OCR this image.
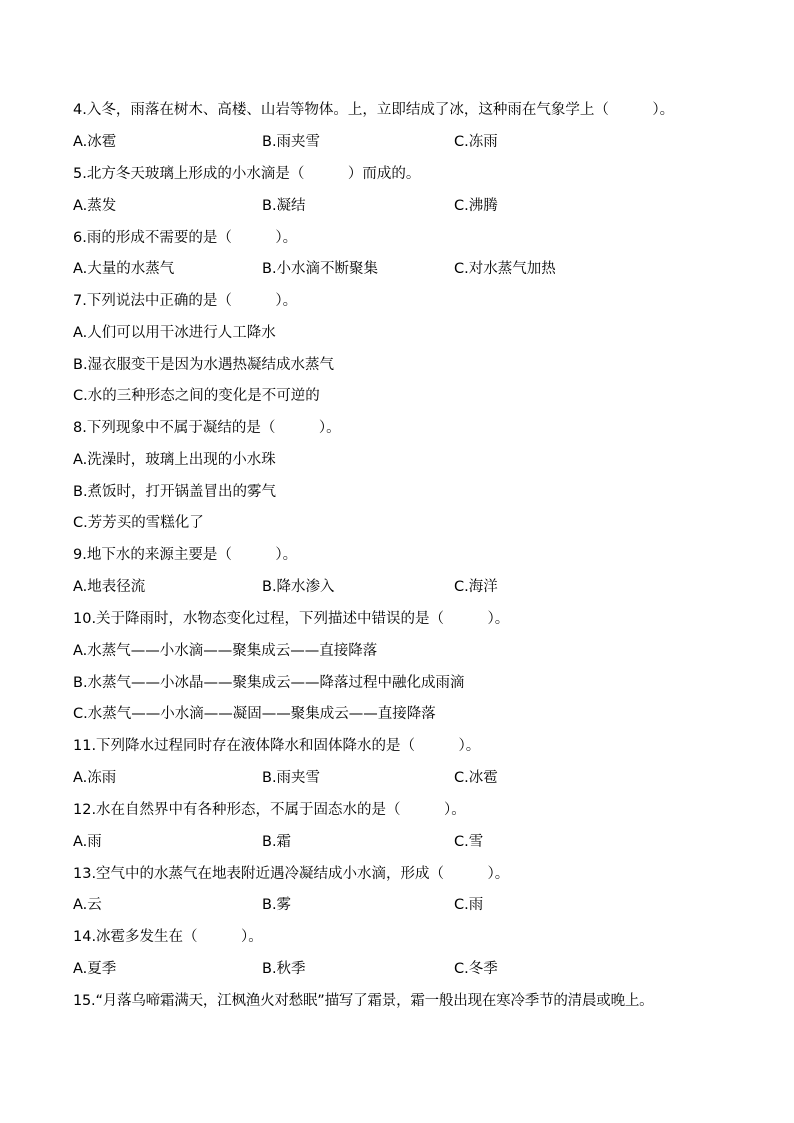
4.入冬，雨落在树木、高楼、山岩等物体。上，立即结成了冰，这种雨在气象学上（　　　）。
A.冰雹	B.雨夹雪	C.冻雨
5.北方冬天玻璃上形成的小水滴是（　　　）而成的。
A.蒸发	B.凝结	C.沸腾
6.雨的形成不需要的是（　　　）。
A.大量的水蒸气	B.小水滴不断聚集	C.对水蒸气加热
7.下列说法中正确的是（　　　）。
A.人们可以用干冰进行人工降水
B.湿衣服变干是因为水遇热凝结成水蒸气
C.水的三种形态之间的变化是不可逆的
8.下列现象中不属于凝结的是（　　　）。
A.洗澡时，玻璃上出现的小水珠
B.煮饭时，打开锅盖冒出的雾气
C.芳芳买的雪糕化了
9.地下水的来源主要是（　　　）。
A.地表径流	B.降水渗入	C.海洋
10.关于降雨时，水物态变化过程，下列描述中错误的是（　　　）。
A.水蒸气——小水滴——聚集成云——直接降落
B.水蒸气——小冰晶——聚集成云——降落过程中融化成雨滴
C.水蒸气——小水滴——凝固——聚集成云——直接降落
11.下列降水过程同时存在液体降水和固体降水的是（　　　）。
A.冻雨	B.雨夹雪	C.冰雹
12.水在自然界中有各种形态，不属于固态水的是（　　　）。
A.雨	B.霜	C.雪
13.空气中的水蒸气在地表附近遇冷凝结成小水滴，形成（　　　）。
A.云	B.雾	C.雨
14.冰雹多发生在（　　　）。
A.夏季	B.秋季	C.冬季
15.“月落乌啼霜满天，江枫渔火对愁眠”描写了霜景，霜一般出现在寒冷季节的清晨或晚上。
